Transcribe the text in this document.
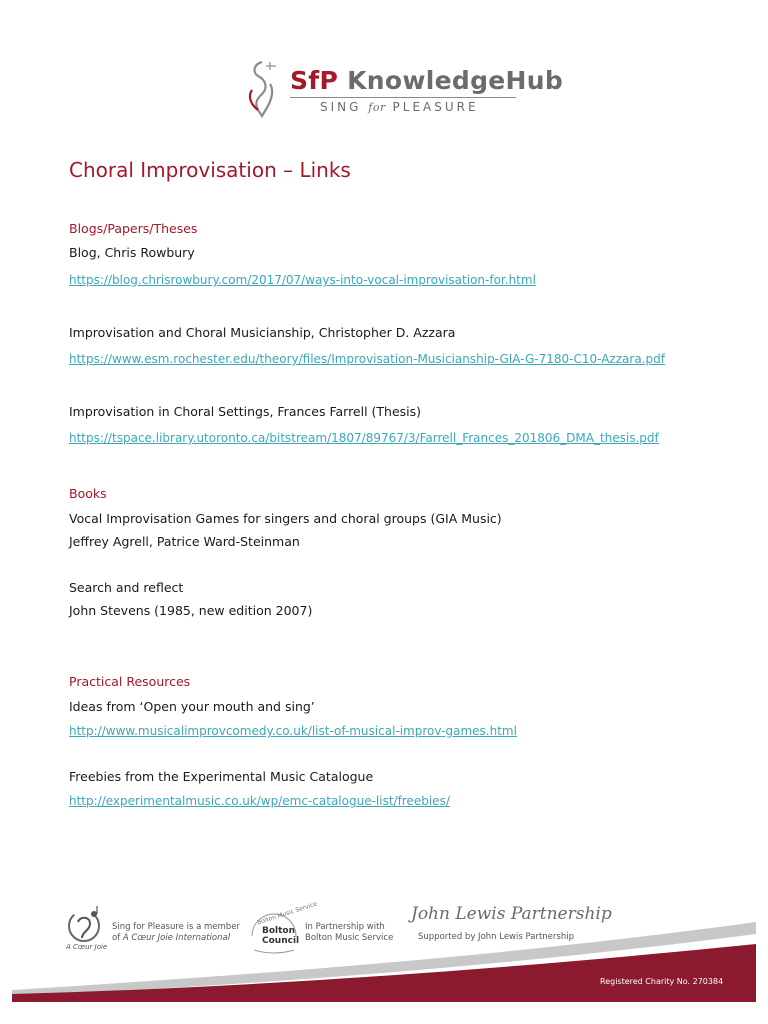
SfP KnowledgeHub
SING for PLEASURE
Choral Improvisation – Links
Blogs/Papers/Theses
Blog, Chris Rowbury
https://blog.chrisrowbury.com/2017/07/ways-into-vocal-improvisation-for.html
Improvisation and Choral Musicianship, Christopher D. Azzara
https://www.esm.rochester.edu/theory/files/Improvisation-Musicianship-GIA-G-7180-C10-Azzara.pdf
Improvisation in Choral Settings, Frances Farrell (Thesis)
https://tspace.library.utoronto.ca/bitstream/1807/89767/3/Farrell_Frances_201806_DMA_thesis.pdf
Books
Vocal Improvisation Games for singers and choral groups (GIA Music)
Jeffrey Agrell, Patrice Ward-Steinman
Search and reflect
John Stevens (1985, new edition 2007)
Practical Resources
Ideas from ‘Open your mouth and sing’
http://www.musicalimprovcomedy.co.uk/list-of-musical-improv-games.html
Freebies from the Experimental Music Catalogue
http://experimentalmusic.co.uk/wp/emc-catalogue-list/freebies/
A Cœur Joie
Sing for Pleasure is a member
of A Cœur Joie International
Bolton Music Service
Bolton
Council
In Partnership with
Bolton Music Service
John Lewis Partnership
Supported by John Lewis Partnership
Registered Charity No. 270384
